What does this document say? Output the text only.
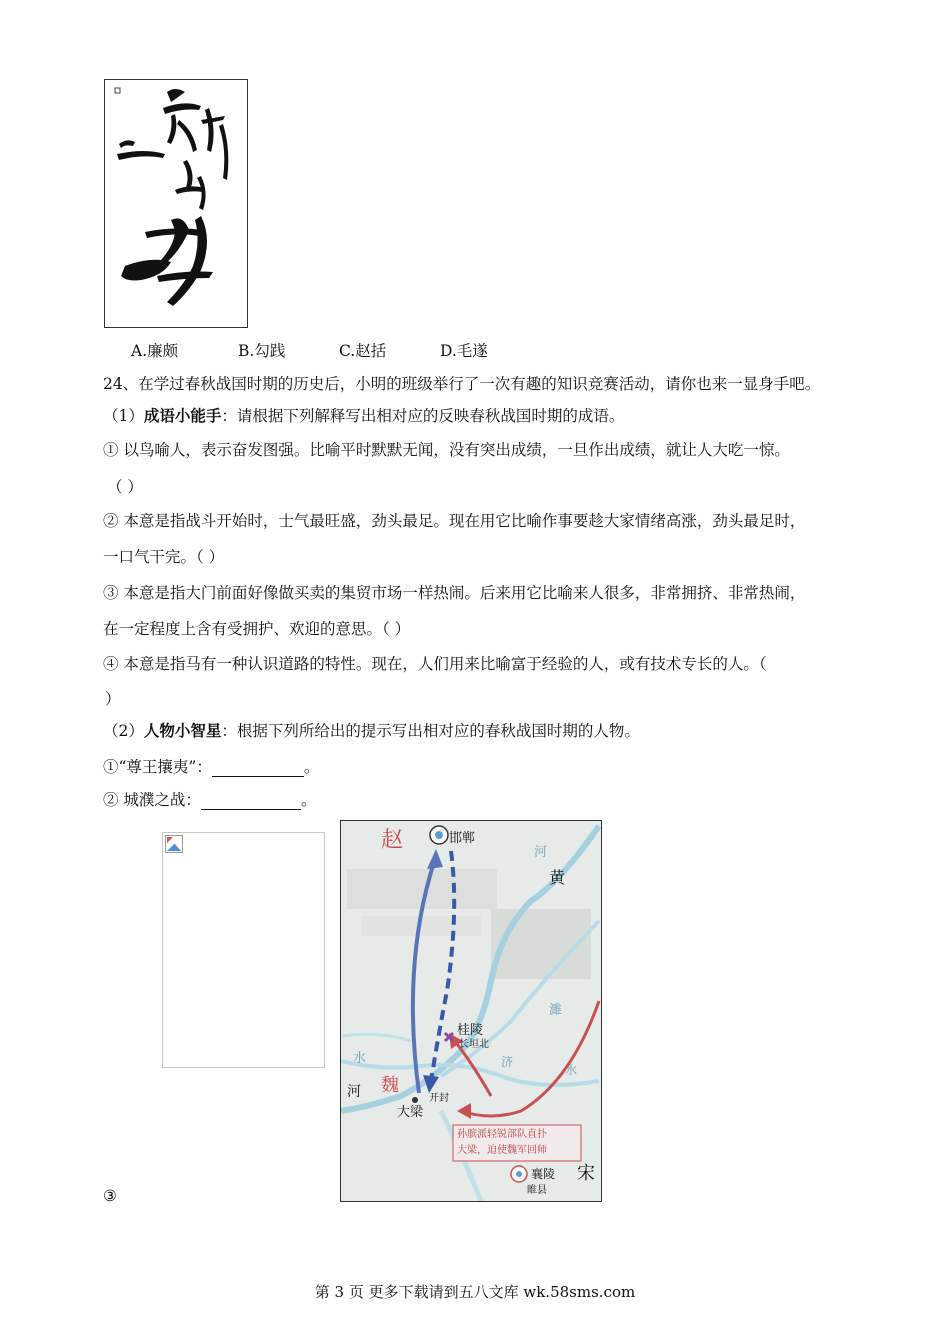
A.廉颇	B.勾践	C.赵括	D.毛遂
24、在学过春秋战国时期的历史后，小明的班级举行了一次有趣的知识竞赛活动，请你也来一显身手吧。
（1）成语小能手：请根据下列解释写出相对应的反映春秋战国时期的成语。
① 以鸟喻人，表示奋发图强。比喻平时默默无闻，没有突出成绩，一旦作出成绩，就让人大吃一惊。
（ ）
② 本意是指战斗开始时，士气最旺盛，劲头最足。现在用它比喻作事要趁大家情绪高涨，劲头最足时，
一口气干完。（ ）
③ 本意是指大门前面好像做买卖的集贸市场一样热闹。后来用它比喻来人很多，非常拥挤、非常热闹，
在一定程度上含有受拥护、欢迎的意思。（ ）
④ 本意是指马有一种认识道路的特性。现在，人们用来比喻富于经验的人，或有技术专长的人。（
）
（2）人物小智星：根据下列所给出的提示写出相对应的春秋战国时期的人物。
①“尊王攘夷”：	。
② 城濮之战：	。
赵	邯郸
河
黄
濉
桂陵
长垣北
水	济
水
魏
河	开封
大梁
孙膑派轻锐部队直扑
大梁，迫使魏军回师
襄陵
睢县
宋
③
第 3 页 更多下载请到五八文库 wk.58sms.com
